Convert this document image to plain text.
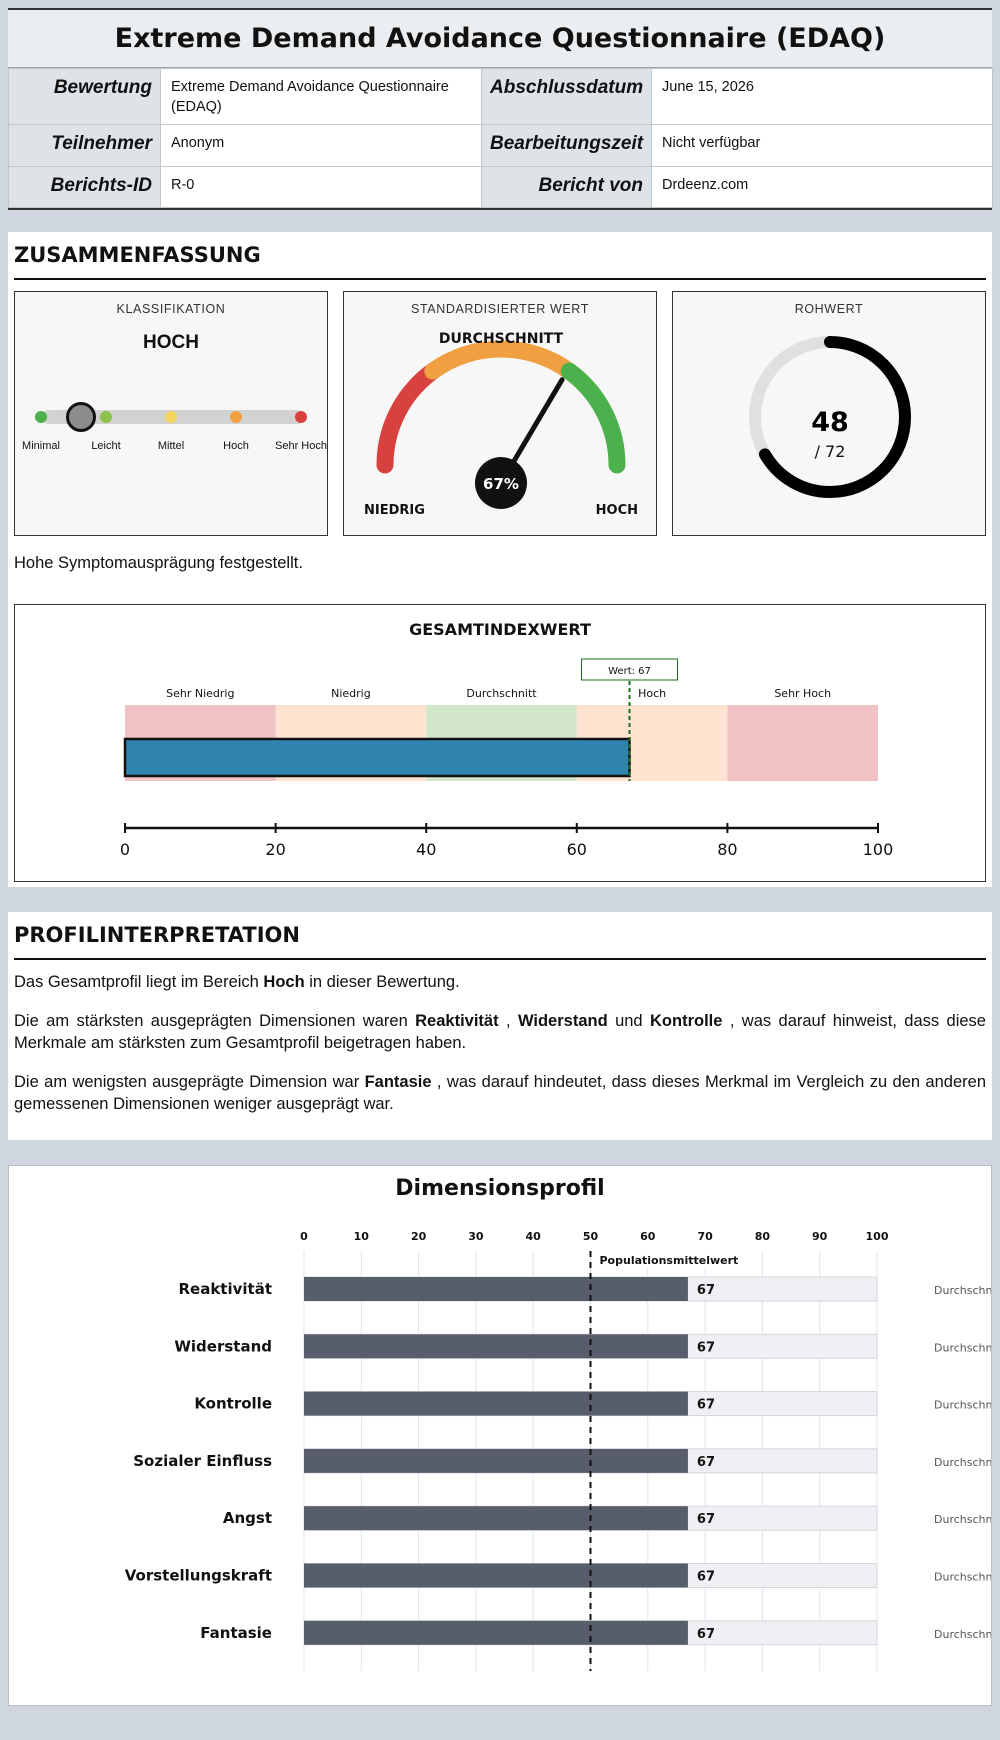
Extreme Demand Avoidance Questionnaire (EDAQ)
Bewertung	Extreme Demand Avoidance Questionnaire (EDAQ)	Abschlussdatum	June 15, 2026
Teilnehmer	Anonym	Bearbeitungszeit	Nicht verfügbar
Berichts-ID	R-0	Bericht von	Drdeenz.com
ZUSAMMENFASSUNG
KLASSIFIKATION
HOCH
Minimal	Leicht	Mittel	Hoch	Sehr Hoch
STANDARDISIERTER WERT
67%
DURCHSCHNITT
NIEDRIG	HOCH
ROHWERT
48
/ 72
Hohe Symptomausprägung festgestellt.
GESAMTINDEXWERT
Sehr Niedrig	Niedrig	Durchschnitt	Hoch	Sehr Hoch
Wert: 67
0	20	40	60	80	100
PROFILINTERPRETATION

Das Gesamtprofil liegt im Bereich Hoch in dieser Bewertung.

Die am stärksten ausgeprägten Dimensionen waren Reaktivität , Widerstand und Kontrolle , was darauf hinweist, dass diese Merkmale am stärksten zum Gesamtprofil beigetragen haben.

Die am wenigsten ausgeprägte Dimension war Fantasie , was darauf hindeutet, dass dieses Merkmal im Vergleich zu den anderen gemessenen Dimensionen weniger ausgeprägt war.

Dimensionsprofil
0	10	20	30	40	50	60	70	80	90	100
Reaktivität	67	Durchschn
Widerstand	67	Durchschn
Kontrolle	67	Durchschn
Sozialer Einfluss	67	Durchschn
Angst	67	Durchschn
Vorstellungskraft	67	Durchschn
Fantasie	67	Durchschn
Populationsmittelwert
